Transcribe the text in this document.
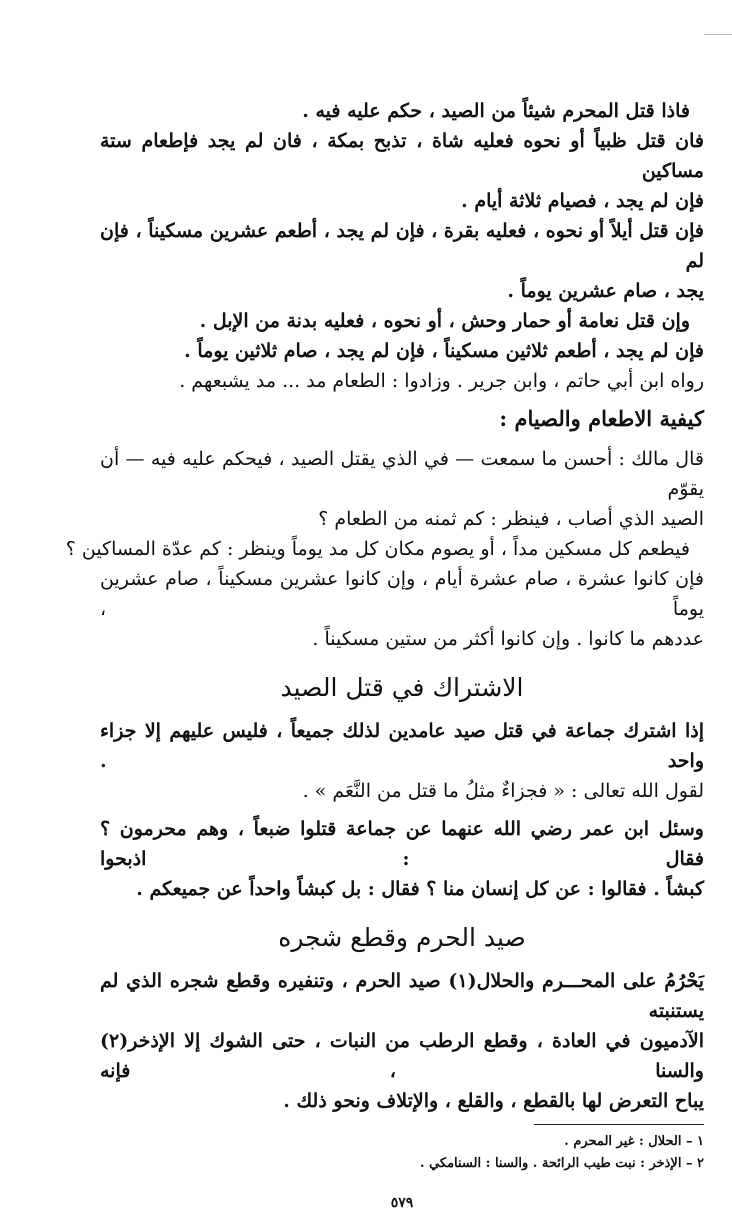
فاذا قتل المحرم شيئاً من الصيد ، حكم عليه فيه .
فان قتل ظبياً أو نحوه فعليه شاة ، تذبح بمكة ، فان لم يجد فإطعام ستة مساكين
فإن لم يجد ، فصيام ثلاثة أيام .
فإن قتل أيلاً أو نحوه ، فعليه بقرة ، فإن لم يجد ، أطعم عشرين مسكيناً ، فإن لم
يجد ، صام عشرين يوماً .
وإن قتل نعامة أو حمار وحش ، أو نحوه ، فعليه بدنة من الإبل .
فإن لم يجد ، أطعم ثلاثين مسكيناً ، فإن لم يجد ، صام ثلاثين يوماً .
رواه ابن أبي حاتم ، وابن جرير . وزادوا : الطعام مد ... مد يشبعهم .
كيفية الاطعام والصيام :
قال مالك : أحسن ما سمعت — في الذي يقتل الصيد ، فيحكم عليه فيه — أن يقوّم
الصيد الذي أصاب ، فينظر : كم ثمنه من الطعام ؟
فيطعم كل مسكين مداً ، أو يصوم مكان كل مد يوماً وينظر : كم عدّة المساكين ؟
فإن كانوا عشرة ، صام عشرة أيام ، وإن كانوا عشرين مسكيناً ، صام عشرين يوماً ،
عددهم ما كانوا . وإن كانوا أكثر من ستين مسكيناً .
الاشتراك في قتل الصيد
إذا اشترك جماعة في قتل صيد عامدين لذلك جميعاً ، فليس عليهم إلا جزاء واحد .
لقول الله تعالى : « فجزاءٌ مثلُ ما قتل من النَّعَم » .
وسئل ابن عمر رضي الله عنهما عن جماعة قتلوا ضبعاً ، وهم محرمون ؟ فقال : اذبحوا
كبشاً . فقالوا : عن كل إنسان منا ؟ فقال : بل كبشاً واحداً عن جميعكم .
صيد الحرم وقطع شجره
يَحْرُمُ على المحـــرم والحلال(١) صيد الحرم ، وتنفيره وقطع شجره الذي لم يستنبته
الآدميون في العادة ، وقطع الرطب من النبات ، حتى الشوك إلا الإذخر(٢) والسنا ، فإنه
يباح التعرض لها بالقطع ، والقلع ، والإتلاف ونحو ذلك .
١ – الحلال : غير المحرم .
٢ – الإذخر : نبت طيب الرائحة . والسنا : السنامكي .
٥٧٩
